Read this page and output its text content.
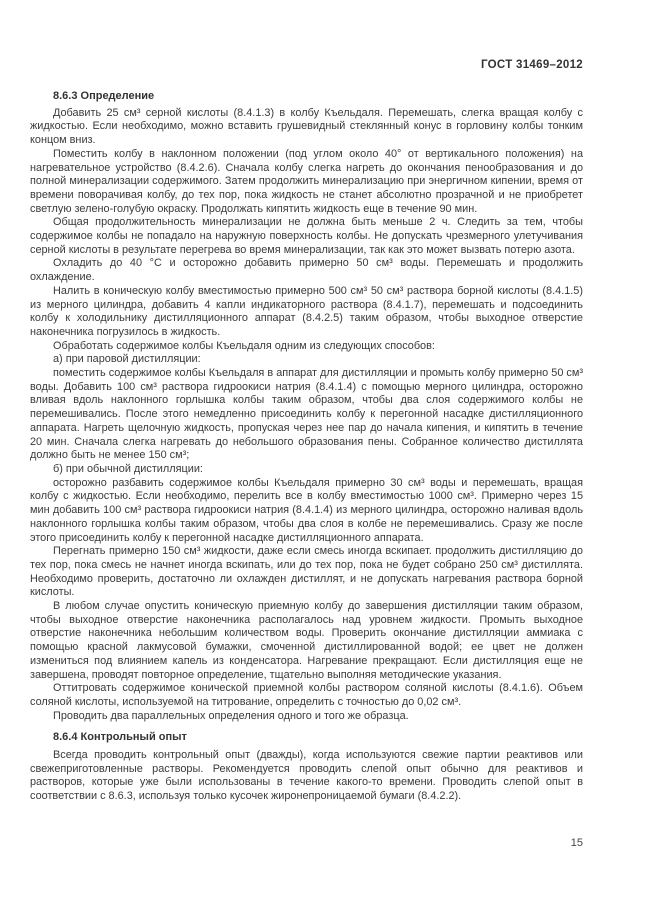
ГОСТ 31469–2012
8.6.3 Определение

Добавить 25 см³ серной кислоты (8.4.1.3) в колбу Къельдаля. Перемешать, слегка вращая колбу с жидкостью. Если необходимо, можно вставить грушевидный стеклянный конус в горловину колбы тонким концом вниз.

Поместить колбу в наклонном положении (под углом около 40° от вертикального положения) на нагревательное устройство (8.4.2.6). Сначала колбу слегка нагреть до окончания пенообразования и до полной минерализации содержимого. Затем продолжить минерализацию при энергичном кипении, время от времени поворачивая колбу, до тех пор, пока жидкость не станет абсолютно прозрачной и не приобретет светлую зелено-голубую окраску. Продолжать кипятить жидкость еще в течение 90 мин.

Общая продолжительность минерализации не должна быть меньше 2 ч. Следить за тем, чтобы содержимое колбы не попадало на наружную поверхность колбы. Не допускать чрезмерного улетучивания серной кислоты в результате перегрева во время минерализации, так как это может вызвать потерю азота.

Охладить до 40 °С и осторожно добавить примерно 50 см³ воды. Перемешать и продолжить охлаждение.

Налить в коническую колбу вместимостью примерно 500 см³ 50 см³ раствора борной кислоты (8.4.1.5) из мерного цилиндра, добавить 4 капли индикаторного раствора (8.4.1.7), перемешать и подсоединить колбу к холодильнику дистилляционного аппарат (8.4.2.5) таким образом, чтобы выходное отверстие наконечника погрузилось в жидкость.

Обработать содержимое колбы Къельдаля одним из следующих способов:

а) при паровой дистилляции:

поместить содержимое колбы Къельдаля в аппарат для дистилляции и промыть колбу примерно 50 см³ воды. Добавить 100 см³ раствора гидроокиси натрия (8.4.1.4) с помощью мерного цилиндра, осторожно вливая вдоль наклонного горлышка колбы таким образом, чтобы два слоя содержимого колбы не перемешивались. После этого немедленно присоединить колбу к перегонной насадке дистилляционного аппарата. Нагреть щелочную жидкость, пропуская через нее пар до начала кипения, и кипятить в течение 20 мин. Сначала слегка нагревать до небольшого образования пены. Собранное количество дистиллята должно быть не менее 150 см³;

б) при обычной дистилляции:

осторожно разбавить содержимое колбы Къельдаля примерно 30 см³ воды и перемешать, вращая колбу с жидкостью. Если необходимо, перелить все в колбу вместимостью 1000 см³. Примерно через 15 мин добавить 100 см³ раствора гидроокиси натрия (8.4.1.4) из мерного цилиндра, осторожно наливая вдоль наклонного горлышка колбы таким образом, чтобы два слоя в колбе не перемешивались. Сразу же после этого присоединить колбу к перегонной насадке дистилляционного аппарата.

Перегнать примерно 150 см³ жидкости, даже если смесь иногда вскипает. продолжить дистилляцию до тех пор, пока смесь не начнет иногда вскипать, или до тех пор, пока не будет собрано 250 см³ дистиллята. Необходимо проверить, достаточно ли охлажден дистиллят, и не допускать нагревания раствора борной кислоты.

В любом случае опустить коническую приемную колбу до завершения дистилляции таким образом, чтобы выходное отверстие наконечника располагалось над уровнем жидкости. Промыть выходное отверстие наконечника небольшим количеством воды. Проверить окончание дистилляции аммиака с помощью красной лакмусовой бумажки, смоченной дистиллированной водой; ее цвет не должен измениться под влиянием капель из конденсатора. Нагревание прекращают. Если дистилляция еще не завершена, проводят повторное определение, тщательно выполняя методические указания.

Оттитровать содержимое конической приемной колбы раствором соляной кислоты (8.4.1.6). Объем соляной кислоты, используемой на титрование, определить с точностью до 0,02 см³.

Проводить два параллельных определения одного и того же образца.

8.6.4 Контрольный опыт

Всегда проводить контрольный опыт (дважды), когда используются свежие партии реактивов или свежеприготовленные растворы. Рекомендуется проводить слепой опыт обычно для реактивов и растворов, которые уже были использованы в течение какого-то времени. Проводить слепой опыт в соответствии с 8.6.3, используя только кусочек жиронепроницаемой бумаги (8.4.2.2).

15
